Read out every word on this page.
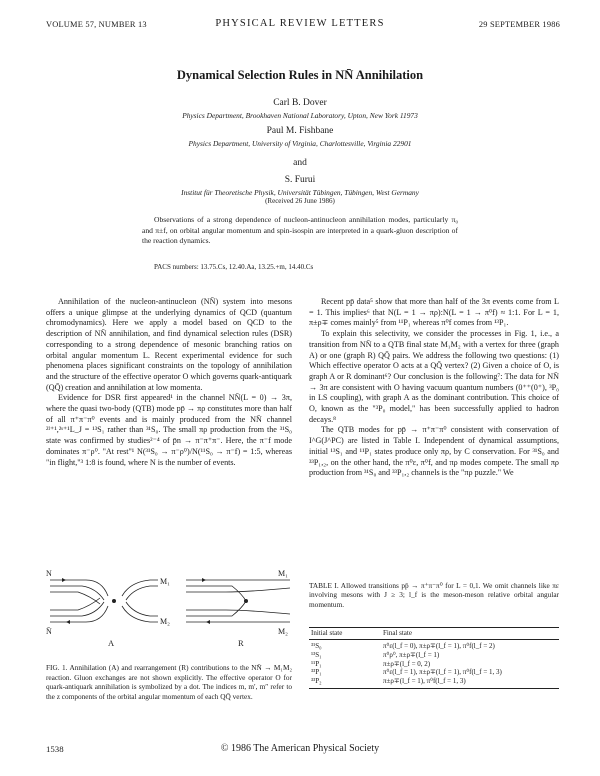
VOLUME 57, NUMBER 13	PHYSICAL REVIEW LETTERS	29 SEPTEMBER 1986
Dynamical Selection Rules in NN̄ Annihilation
Carl B. Dover
Physics Department, Brookhaven National Laboratory, Upton, New York 11973
Paul M. Fishbane
Physics Department, University of Virginia, Charlottesville, Virginia 22901
and
S. Furui
Institut für Theoretische Physik, Universität Tübingen, Tübingen, West Germany
(Received 26 June 1986)
Observations of a strong dependence of nucleon-antinucleon annihilation modes, particularly π₀ and π±f, on orbital angular momentum and spin-isospin are interpreted in a quark-gluon description of the reaction dynamics.
PACS numbers: 13.75.Cs, 12.40.Aa, 13.25.+m, 14.40.Cs

Annihilation of the nucleon-antinucleon (NN̄) system into mesons offers a unique glimpse at the underlying dynamics of QCD (quantum chromodynamics). Here we apply a model based on QCD to the description of NN̄ annihilation, and find dynamical selection rules (DSR) corresponding to a strong dependence of mesonic branching ratios on orbital angular momentum L. Recent experimental evidence for such phenomena places significant constraints on the topology of annihilation and the structure of the effective operator O which governs quark-antiquark (QQ̄) creation and annihilation at low momenta.

Evidence for DSR first appeared¹ in the channel NN̄(L = 0) → 3π, where the quasi two-body (QTB) mode pp̄ → πρ constitutes more than half of all π⁺π⁻π⁰ events and is mainly produced from the NN̄ channel ²ᴵ⁺¹,²ˢ⁺¹L_J = ¹³S₁ rather than ³¹S₀. The small πρ production from the ³¹S₀ state was confirmed by studies²⁻⁴ of p̄n → π⁻π⁺π⁻. Here, the π⁻f mode dominates π⁻ρ⁰. "At rest"¹ N(³¹S₀ → π⁻ρ⁰)/N(¹¹S₀ → π⁻f) = 1:5, whereas "in flight,"³ 1:8 is found, where N is the number of events.

Recent pp̄ data⁵ show that more than half of the 3π events come from L = 1. This implies⁶ that N(L = 1 → πρ):N(L = 1 → π⁰f) ≈ 1:1. For L = 1, π±ρ∓ comes mainly⁵ from ¹¹P₁ whereas π⁰f comes from ¹³P₁.

To explain this selectivity, we consider the processes in Fig. 1, i.e., a transition from NN̄ to a QTB final state M₁M₂ with a vertex for three (graph A) or one (graph R) QQ̄ pairs. We address the following two questions: (1) Which effective operator O acts at a QQ̄ vertex? (2) Given a choice of O, is graph A or R dominant⁶? Our conclusion is the following⁷: The data for NN̄ → 3π are consistent with O having vacuum quantum numbers (0⁺⁺(0⁺), ³P₀ in LS coupling), with graph A as the dominant contribution. This choice of O, known as the "³P₀ model," has been successfully applied to hadron decays.⁸

The QTB modes for pp̄ → π⁺π⁻π⁰ consistent with conservation of I^G(J^PC) are listed in Table I. Independent of dynamical assumptions, initial ¹³S₁ and ¹¹P₁ states produce only πρ, by C conservation. For ³¹S₀ and ³³P₁,₂, on the other hand, the π⁰ε, π⁰f, and πρ modes compete. The small πρ production from ³¹S₀ and ³³P₁,₂ channels is the "πρ puzzle." We

N
N̄
M₁
M₂
M₁
M₂
A	R
FIG. 1. Annihilation (A) and rearrangement (R) contributions to the NN̄ → M₁M₂ reaction. Gluon exchanges are not shown explicitly. The effective operator O for quark-antiquark annihilation is symbolized by a dot. The indices m, m′, m″ refer to the z components of the orbital angular momentum of each QQ̄ vertex.
TABLE I. Allowed transitions pp̄ → π⁺π⁻π⁰ for L = 0,1. We omit channels like πε involving mesons with J ≥ 3; l_f is the meson-meson relative orbital angular momentum.
Initial state	Final state
³¹S₀	π⁰ε(l_f = 0), π±ρ∓(l_f = 1), π⁰f(l_f = 2)
¹³S₁	π⁰ρ⁰, π±ρ∓(l_f = 1)
¹¹P₁	π±ρ∓(l_f = 0, 2)
³³P₁	π⁰ε(l_f = 1), π±ρ∓(l_f = 1), π⁰f(l_f = 1, 3)
³³P₂	π±ρ∓(l_f = 1), π⁰f(l_f = 1, 3)
1538	© 1986 The American Physical Society
